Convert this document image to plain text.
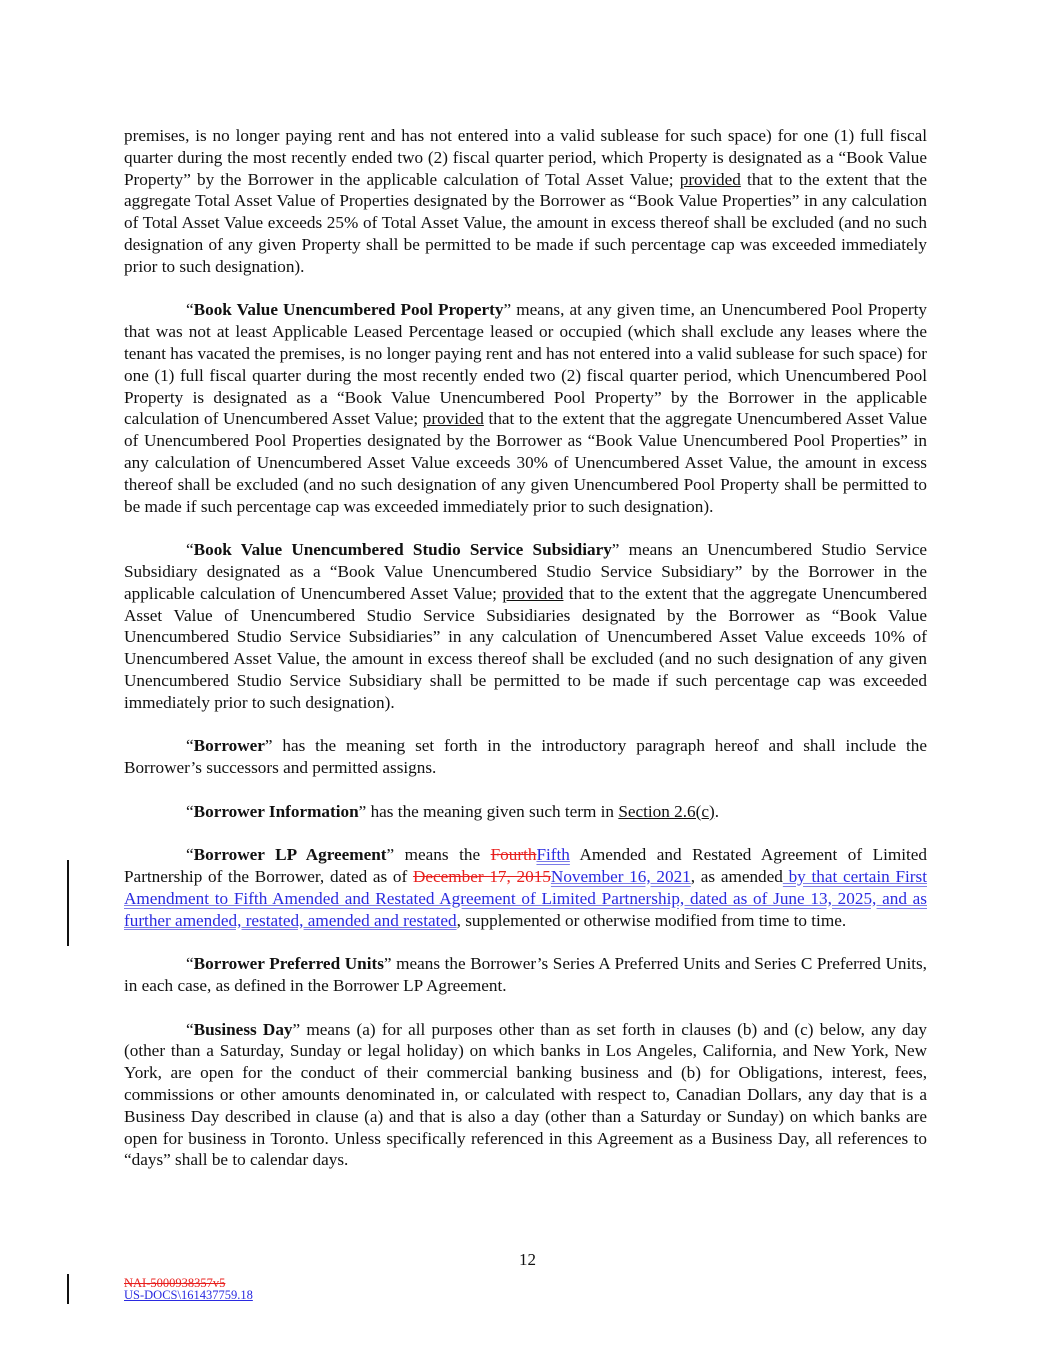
premises, is no longer paying rent and has not entered into a valid sublease for such space) for one (1) full fiscal quarter during the most recently ended two (2) fiscal quarter period, which Property is designated as a “Book Value Property” by the Borrower in the applicable calculation of Total Asset Value; provided that to the extent that the aggregate Total Asset Value of Properties designated by the Borrower as “Book Value Properties” in any calculation of Total Asset Value exceeds 25% of Total Asset Value, the amount in excess thereof shall be excluded (and no such designation of any given Property shall be permitted to be made if such percentage cap was exceeded immediately prior to such designation).

“Book Value Unencumbered Pool Property” means, at any given time, an Unencumbered Pool Property that was not at least Applicable Leased Percentage leased or occupied (which shall exclude any leases where the tenant has vacated the premises, is no longer paying rent and has not entered into a valid sublease for such space) for one (1) full fiscal quarter during the most recently ended two (2) fiscal quarter period, which Unencumbered Pool Property is designated as a “Book Value Unencumbered Pool Property” by the Borrower in the applicable calculation of Unencumbered Asset Value; provided that to the extent that the aggregate Unencumbered Asset Value of Unencumbered Pool Properties designated by the Borrower as “Book Value Unencumbered Pool Properties” in any calculation of Unencumbered Asset Value exceeds 30% of Unencumbered Asset Value, the amount in excess thereof shall be excluded (and no such designation of any given Unencumbered Pool Property shall be permitted to be made if such percentage cap was exceeded immediately prior to such designation).

“Book Value Unencumbered Studio Service Subsidiary” means an Unencumbered Studio Service Subsidiary designated as a “Book Value Unencumbered Studio Service Subsidiary” by the Borrower in the applicable calculation of Unencumbered Asset Value; provided that to the extent that the aggregate Unencumbered Asset Value of Unencumbered Studio Service Subsidiaries designated by the Borrower as “Book Value Unencumbered Studio Service Subsidiaries” in any calculation of Unencumbered Asset Value exceeds 10% of Unencumbered Asset Value, the amount in excess thereof shall be excluded (and no such designation of any given Unencumbered Studio Service Subsidiary shall be permitted to be made if such percentage cap was exceeded immediately prior to such designation).

“Borrower” has the meaning set forth in the introductory paragraph hereof and shall include the Borrower’s successors and permitted assigns.

“Borrower Information” has the meaning given such term in Section 2.6(c).

“Borrower LP Agreement” means the FourthFifth Amended and Restated Agreement of Limited Partnership of the Borrower, dated as of December 17, 2015November 16, 2021, as amended by that certain First Amendment to Fifth Amended and Restated Agreement of Limited Partnership, dated as of June 13, 2025, and as further amended, restated, amended and restated, supplemented or otherwise modified from time to time.

“Borrower Preferred Units” means the Borrower’s Series A Preferred Units and Series C Preferred Units, in each case, as defined in the Borrower LP Agreement.

“Business Day” means (a) for all purposes other than as set forth in clauses (b) and (c) below, any day (other than a Saturday, Sunday or legal holiday) on which banks in Los Angeles, California, and New York, New York, are open for the conduct of their commercial banking business and (b) for Obligations, interest, fees, commissions or other amounts denominated in, or calculated with respect to, Canadian Dollars, any day that is a Business Day described in clause (a) and that is also a day (other than a Saturday or Sunday) on which banks are open for business in Toronto. Unless specifically referenced in this Agreement as a Business Day, all references to “days” shall be to calendar days.

12
NAI-5000938357v5
US-DOCS\161437759.18
